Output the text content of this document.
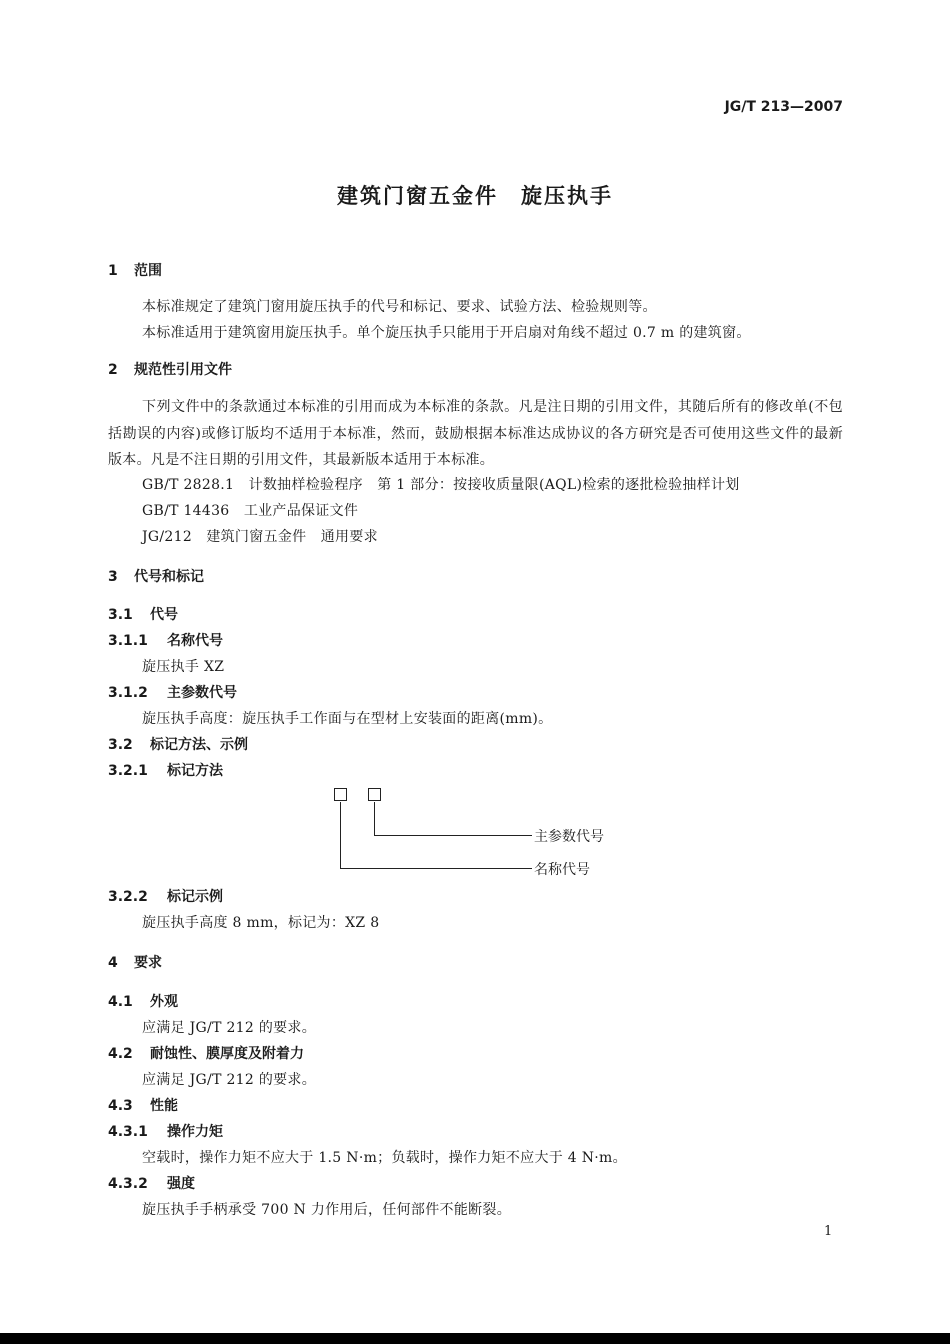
JG/T 213—2007
建筑门窗五金件　旋压执手
1 范围
本标准规定了建筑门窗用旋压执手的代号和标记、要求、试验方法、检验规则等。
本标准适用于建筑窗用旋压执手。单个旋压执手只能用于开启扇对角线不超过 0.7 m 的建筑窗。
2 规范性引用文件
下列文件中的条款通过本标准的引用而成为本标准的条款。凡是注日期的引用文件，其随后所有的修改单(不包括勘误的内容)或修订版均不适用于本标准，然而，鼓励根据本标准达成协议的各方研究是否可使用这些文件的最新版本。凡是不注日期的引用文件，其最新版本适用于本标准。
GB/T 2828.1　计数抽样检验程序　第 1 部分：按接收质量限(AQL)检索的逐批检验抽样计划
GB/T 14436　工业产品保证文件
JG/212　建筑门窗五金件　通用要求
3 代号和标记
3.1 代号
3.1.1 名称代号
旋压执手 XZ
3.1.2 主参数代号
旋压执手高度：旋压执手工作面与在型材上安装面的距离(mm)。
3.2 标记方法、示例
3.2.1 标记方法
主参数代号
名称代号
3.2.2 标记示例
旋压执手高度 8 mm，标记为：XZ 8
4 要求
4.1 外观
应满足 JG/T 212 的要求。
4.2 耐蚀性、膜厚度及附着力
应满足 JG/T 212 的要求。
4.3 性能
4.3.1 操作力矩
空载时，操作力矩不应大于 1.5 N·m；负载时，操作力矩不应大于 4 N·m。
4.3.2 强度
旋压执手手柄承受 700 N 力作用后，任何部件不能断裂。
1
